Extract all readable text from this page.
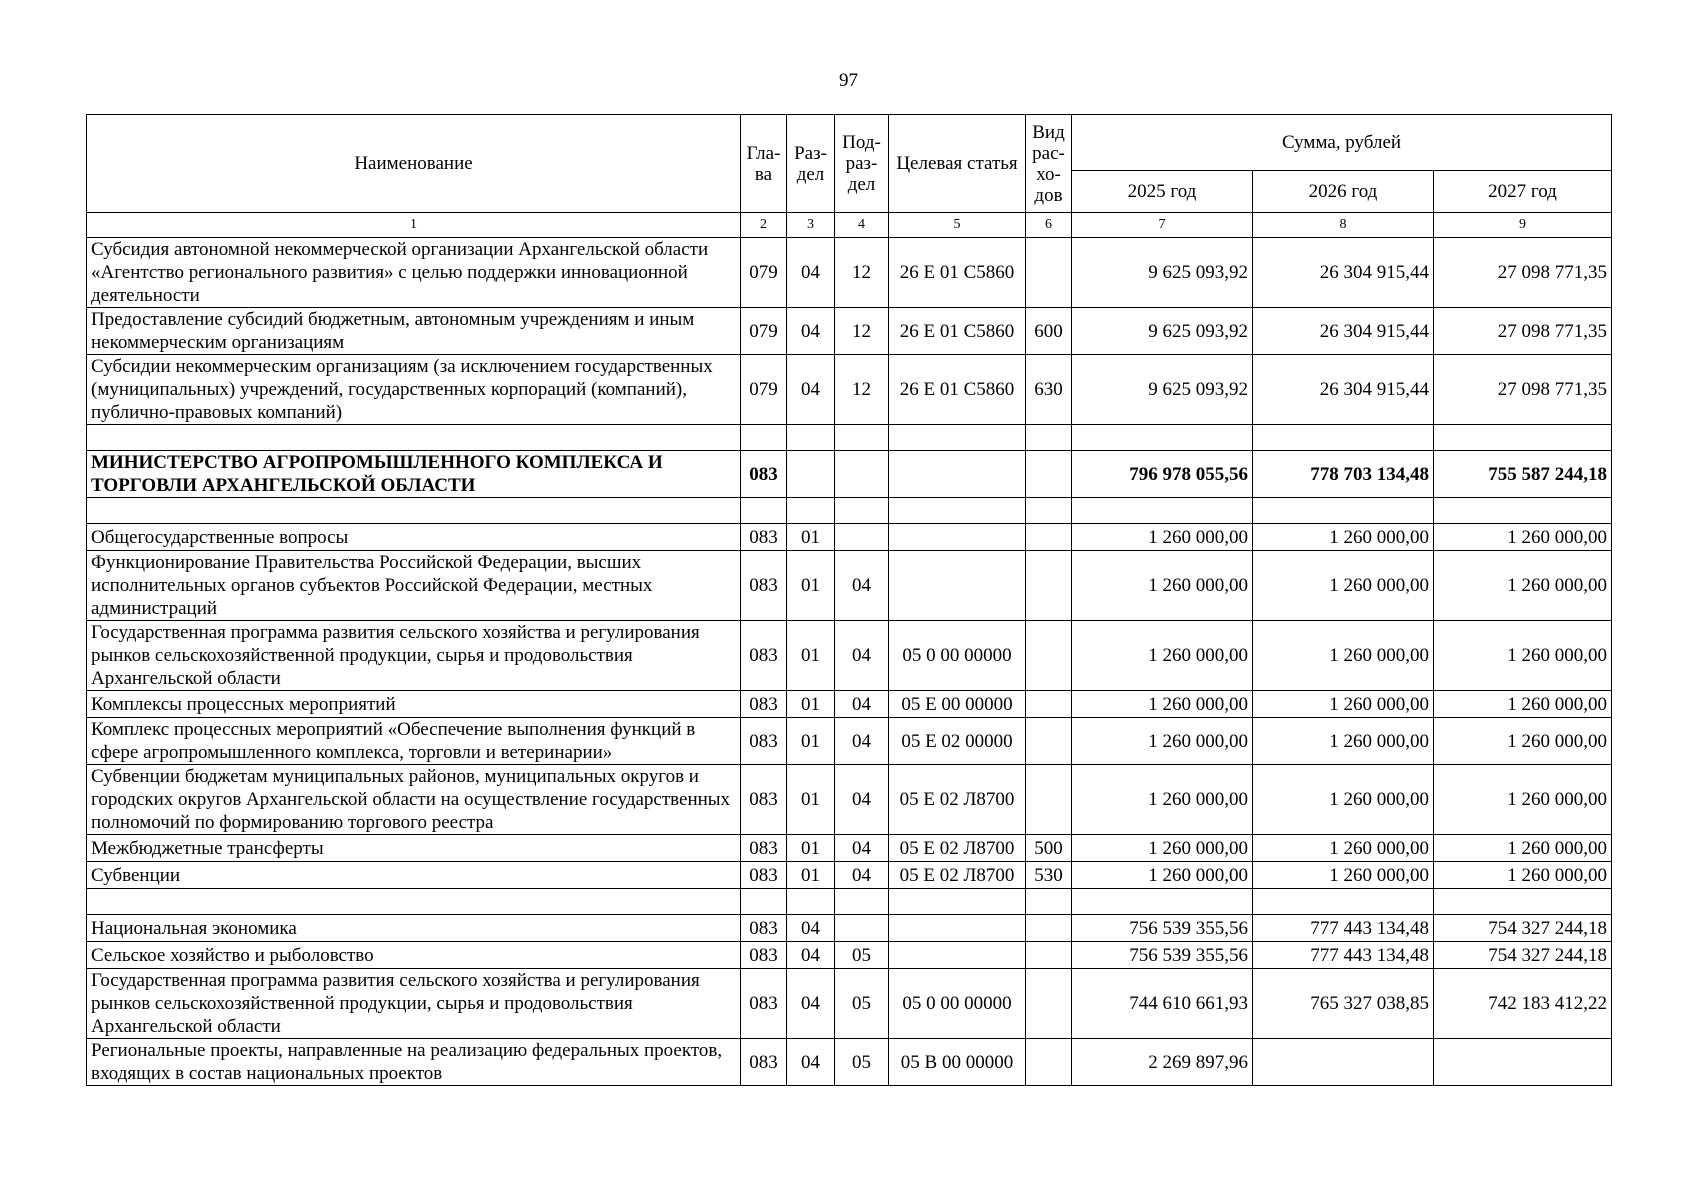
97
Наименование	Гла-ва	Раз-дел	Под-раз-дел	Целевая статья	Вид рас-хо-дов	Сумма, рублей		
						2025 год	2026 год	2027 год
1	2	3	4	5	6	7	8	9
Субсидия автономной некоммерческой организации Архангельской области «Агентство регионального развития» с целью поддержки инновационной деятельности	079	04	12	26 Е 01 С5860		9 625 093,92	26 304 915,44	27 098 771,35
Предоставление субсидий бюджетным, автономным учреждениям и иным некоммерческим организациям	079	04	12	26 Е 01 С5860	600	9 625 093,92	26 304 915,44	27 098 771,35
Субсидии некоммерческим организациям (за исключением государственных (муниципальных) учреждений, государственных корпораций (компаний), публично-правовых компаний)	079	04	12	26 Е 01 С5860	630	9 625 093,92	26 304 915,44	27 098 771,35

МИНИСТЕРСТВО АГРОПРОМЫШЛЕННОГО КОМПЛЕКСА И ТОРГОВЛИ АРХАНГЕЛЬСКОЙ ОБЛАСТИ	083					796 978 055,56	778 703 134,48	755 587 244,18

Общегосударственные вопросы	083	01				1 260 000,00	1 260 000,00	1 260 000,00
Функционирование Правительства Российской Федерации, высших исполнительных органов субъектов Российской Федерации, местных администраций	083	01	04			1 260 000,00	1 260 000,00	1 260 000,00
Государственная программа развития сельского хозяйства и регулирования рынков сельскохозяйственной продукции, сырья и продовольствия Архангельской области	083	01	04	05 0 00 00000		1 260 000,00	1 260 000,00	1 260 000,00
Комплексы процессных мероприятий	083	01	04	05 Е 00 00000		1 260 000,00	1 260 000,00	1 260 000,00
Комплекс процессных мероприятий «Обеспечение выполнения функций в сфере агропромышленного комплекса, торговли и ветеринарии»	083	01	04	05 Е 02 00000		1 260 000,00	1 260 000,00	1 260 000,00
Субвенции бюджетам муниципальных районов, муниципальных округов и городских округов Архангельской области на осуществление государственных полномочий по формированию торгового реестра	083	01	04	05 Е 02 Л8700		1 260 000,00	1 260 000,00	1 260 000,00
Межбюджетные трансферты	083	01	04	05 Е 02 Л8700	500	1 260 000,00	1 260 000,00	1 260 000,00
Субвенции	083	01	04	05 Е 02 Л8700	530	1 260 000,00	1 260 000,00	1 260 000,00

Национальная экономика	083	04				756 539 355,56	777 443 134,48	754 327 244,18
Сельское хозяйство и рыболовство	083	04	05			756 539 355,56	777 443 134,48	754 327 244,18
Государственная программа развития сельского хозяйства и регулирования рынков сельскохозяйственной продукции, сырья и продовольствия Архангельской области	083	04	05	05 0 00 00000		744 610 661,93	765 327 038,85	742 183 412,22
Региональные проекты, направленные на реализацию федеральных проектов, входящих в состав национальных проектов	083	04	05	05 В 00 00000		2 269 897,96		
